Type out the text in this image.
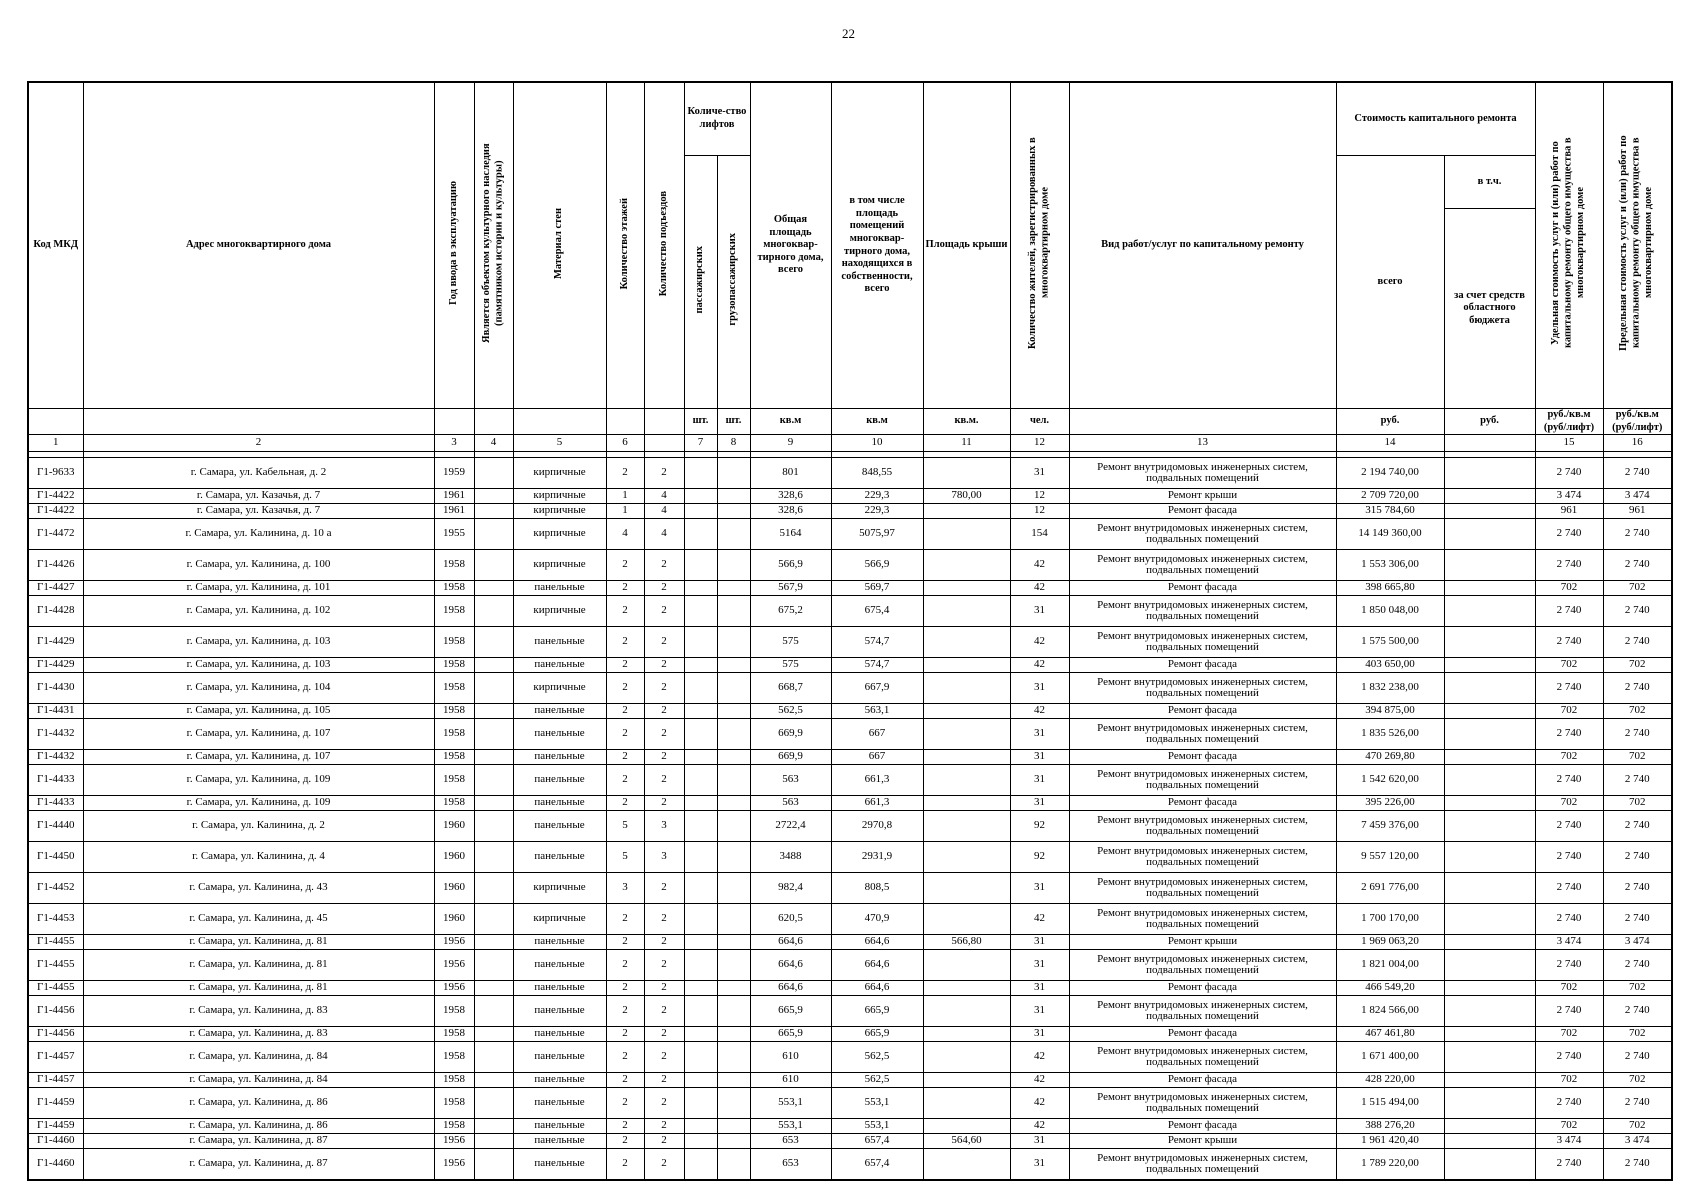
22
Код МКД	Адрес многоквартирного дома	Год ввода в эксплуатацию	Является объектом культурного наследия (памятником истории и культуры)	Материал стен	Количество этажей	Количество подъездов	Количе-ство лифтов		Общая площадь многоквар-тирного дома, всего	в том числе площадь помещений многоквар-тирного дома, находящихся в собственности, всего	Площадь крыши	Количество жителей, зарегистрированных в многоквартирном доме	Вид работ/услуг по капитальному ремонту	Стоимость капитального ремонта		Удельная стоимость услуг и (или) работ по капитальному ремонту общего имущества в многоквартирном доме	Предельная стоимость услуг и (или) работ по капитальному ремонту общего имущества в многоквартирном доме
							пассажирских	грузопассажирских						всего	в т.ч.		
															за счет средств областного бюджета		
							шт.	шт.	кв.м	кв.м	кв.м.	чел.		руб.	руб.	руб./кв.м (руб/лифт)	руб./кв.м (руб/лифт)
1	2	3	4	5	6		7	8	9	10	11	12	13	14		15	16

Г1-9633	г. Самара, ул. Кабельная, д. 2	1959		кирпичные	2	2			801	848,55		31	Ремонт внутридомовых инженерных систем, подвальных помещений	2 194 740,00		2 740	2 740
Г1-4422	г. Самара, ул. Казачья, д. 7	1961		кирпичные	1	4			328,6	229,3	780,00	12	Ремонт крыши	2 709 720,00		3 474	3 474
Г1-4422	г. Самара, ул. Казачья, д. 7	1961		кирпичные	1	4			328,6	229,3		12	Ремонт фасада	315 784,60		961	961
Г1-4472	г. Самара, ул. Калинина, д. 10 а	1955		кирпичные	4	4			5164	5075,97		154	Ремонт внутридомовых инженерных систем, подвальных помещений	14 149 360,00		2 740	2 740
Г1-4426	г. Самара, ул. Калинина, д. 100	1958		кирпичные	2	2			566,9	566,9		42	Ремонт внутридомовых инженерных систем, подвальных помещений	1 553 306,00		2 740	2 740
Г1-4427	г. Самара, ул. Калинина, д. 101	1958		панельные	2	2			567,9	569,7		42	Ремонт фасада	398 665,80		702	702
Г1-4428	г. Самара, ул. Калинина, д. 102	1958		кирпичные	2	2			675,2	675,4		31	Ремонт внутридомовых инженерных систем, подвальных помещений	1 850 048,00		2 740	2 740
Г1-4429	г. Самара, ул. Калинина, д. 103	1958		панельные	2	2			575	574,7		42	Ремонт внутридомовых инженерных систем, подвальных помещений	1 575 500,00		2 740	2 740
Г1-4429	г. Самара, ул. Калинина, д. 103	1958		панельные	2	2			575	574,7		42	Ремонт фасада	403 650,00		702	702
Г1-4430	г. Самара, ул. Калинина, д. 104	1958		кирпичные	2	2			668,7	667,9		31	Ремонт внутридомовых инженерных систем, подвальных помещений	1 832 238,00		2 740	2 740
Г1-4431	г. Самара, ул. Калинина, д. 105	1958		панельные	2	2			562,5	563,1		42	Ремонт фасада	394 875,00		702	702
Г1-4432	г. Самара, ул. Калинина, д. 107	1958		панельные	2	2			669,9	667		31	Ремонт внутридомовых инженерных систем, подвальных помещений	1 835 526,00		2 740	2 740
Г1-4432	г. Самара, ул. Калинина, д. 107	1958		панельные	2	2			669,9	667		31	Ремонт фасада	470 269,80		702	702
Г1-4433	г. Самара, ул. Калинина, д. 109	1958		панельные	2	2			563	661,3		31	Ремонт внутридомовых инженерных систем, подвальных помещений	1 542 620,00		2 740	2 740
Г1-4433	г. Самара, ул. Калинина, д. 109	1958		панельные	2	2			563	661,3		31	Ремонт фасада	395 226,00		702	702
Г1-4440	г. Самара, ул. Калинина, д. 2	1960		панельные	5	3			2722,4	2970,8		92	Ремонт внутридомовых инженерных систем, подвальных помещений	7 459 376,00		2 740	2 740
Г1-4450	г. Самара, ул. Калинина, д. 4	1960		панельные	5	3			3488	2931,9		92	Ремонт внутридомовых инженерных систем, подвальных помещений	9 557 120,00		2 740	2 740
Г1-4452	г. Самара, ул. Калинина, д. 43	1960		кирпичные	3	2			982,4	808,5		31	Ремонт внутридомовых инженерных систем, подвальных помещений	2 691 776,00		2 740	2 740
Г1-4453	г. Самара, ул. Калинина, д. 45	1960		кирпичные	2	2			620,5	470,9		42	Ремонт внутридомовых инженерных систем, подвальных помещений	1 700 170,00		2 740	2 740
Г1-4455	г. Самара, ул. Калинина, д. 81	1956		панельные	2	2			664,6	664,6	566,80	31	Ремонт крыши	1 969 063,20		3 474	3 474
Г1-4455	г. Самара, ул. Калинина, д. 81	1956		панельные	2	2			664,6	664,6		31	Ремонт внутридомовых инженерных систем, подвальных помещений	1 821 004,00		2 740	2 740
Г1-4455	г. Самара, ул. Калинина, д. 81	1956		панельные	2	2			664,6	664,6		31	Ремонт фасада	466 549,20		702	702
Г1-4456	г. Самара, ул. Калинина, д. 83	1958		панельные	2	2			665,9	665,9		31	Ремонт внутридомовых инженерных систем, подвальных помещений	1 824 566,00		2 740	2 740
Г1-4456	г. Самара, ул. Калинина, д. 83	1958		панельные	2	2			665,9	665,9		31	Ремонт фасада	467 461,80		702	702
Г1-4457	г. Самара, ул. Калинина, д. 84	1958		панельные	2	2			610	562,5		42	Ремонт внутридомовых инженерных систем, подвальных помещений	1 671 400,00		2 740	2 740
Г1-4457	г. Самара, ул. Калинина, д. 84	1958		панельные	2	2			610	562,5		42	Ремонт фасада	428 220,00		702	702
Г1-4459	г. Самара, ул. Калинина, д. 86	1958		панельные	2	2			553,1	553,1		42	Ремонт внутридомовых инженерных систем, подвальных помещений	1 515 494,00		2 740	2 740
Г1-4459	г. Самара, ул. Калинина, д. 86	1958		панельные	2	2			553,1	553,1		42	Ремонт фасада	388 276,20		702	702
Г1-4460	г. Самара, ул. Калинина, д. 87	1956		панельные	2	2			653	657,4	564,60	31	Ремонт крыши	1 961 420,40		3 474	3 474
Г1-4460	г. Самара, ул. Калинина, д. 87	1956		панельные	2	2			653	657,4		31	Ремонт внутридомовых инженерных систем, подвальных помещений	1 789 220,00		2 740	2 740
